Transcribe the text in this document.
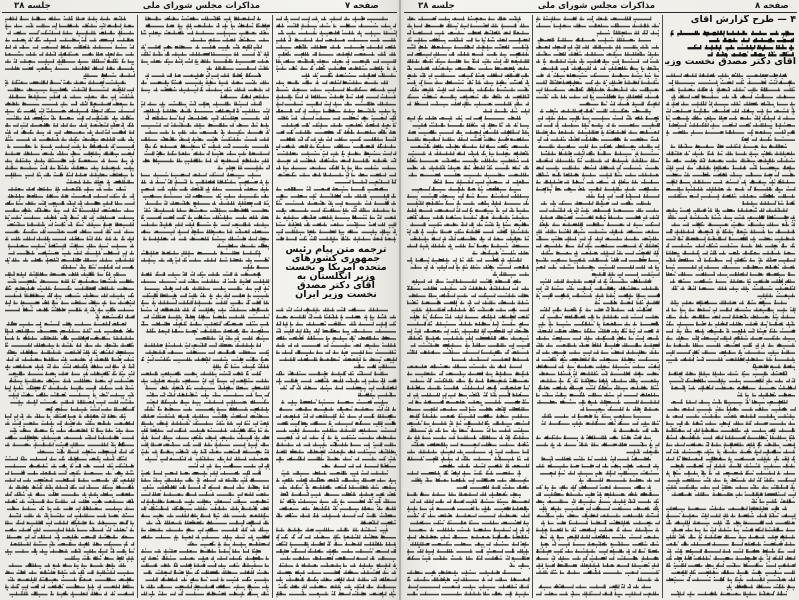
جلسه ۳۸	مذاکرات مجلس شورای ملی	صفحه ۷	جلسه ۳۸	مذاکرات مجلس شورای ملی	صفحه ۸
